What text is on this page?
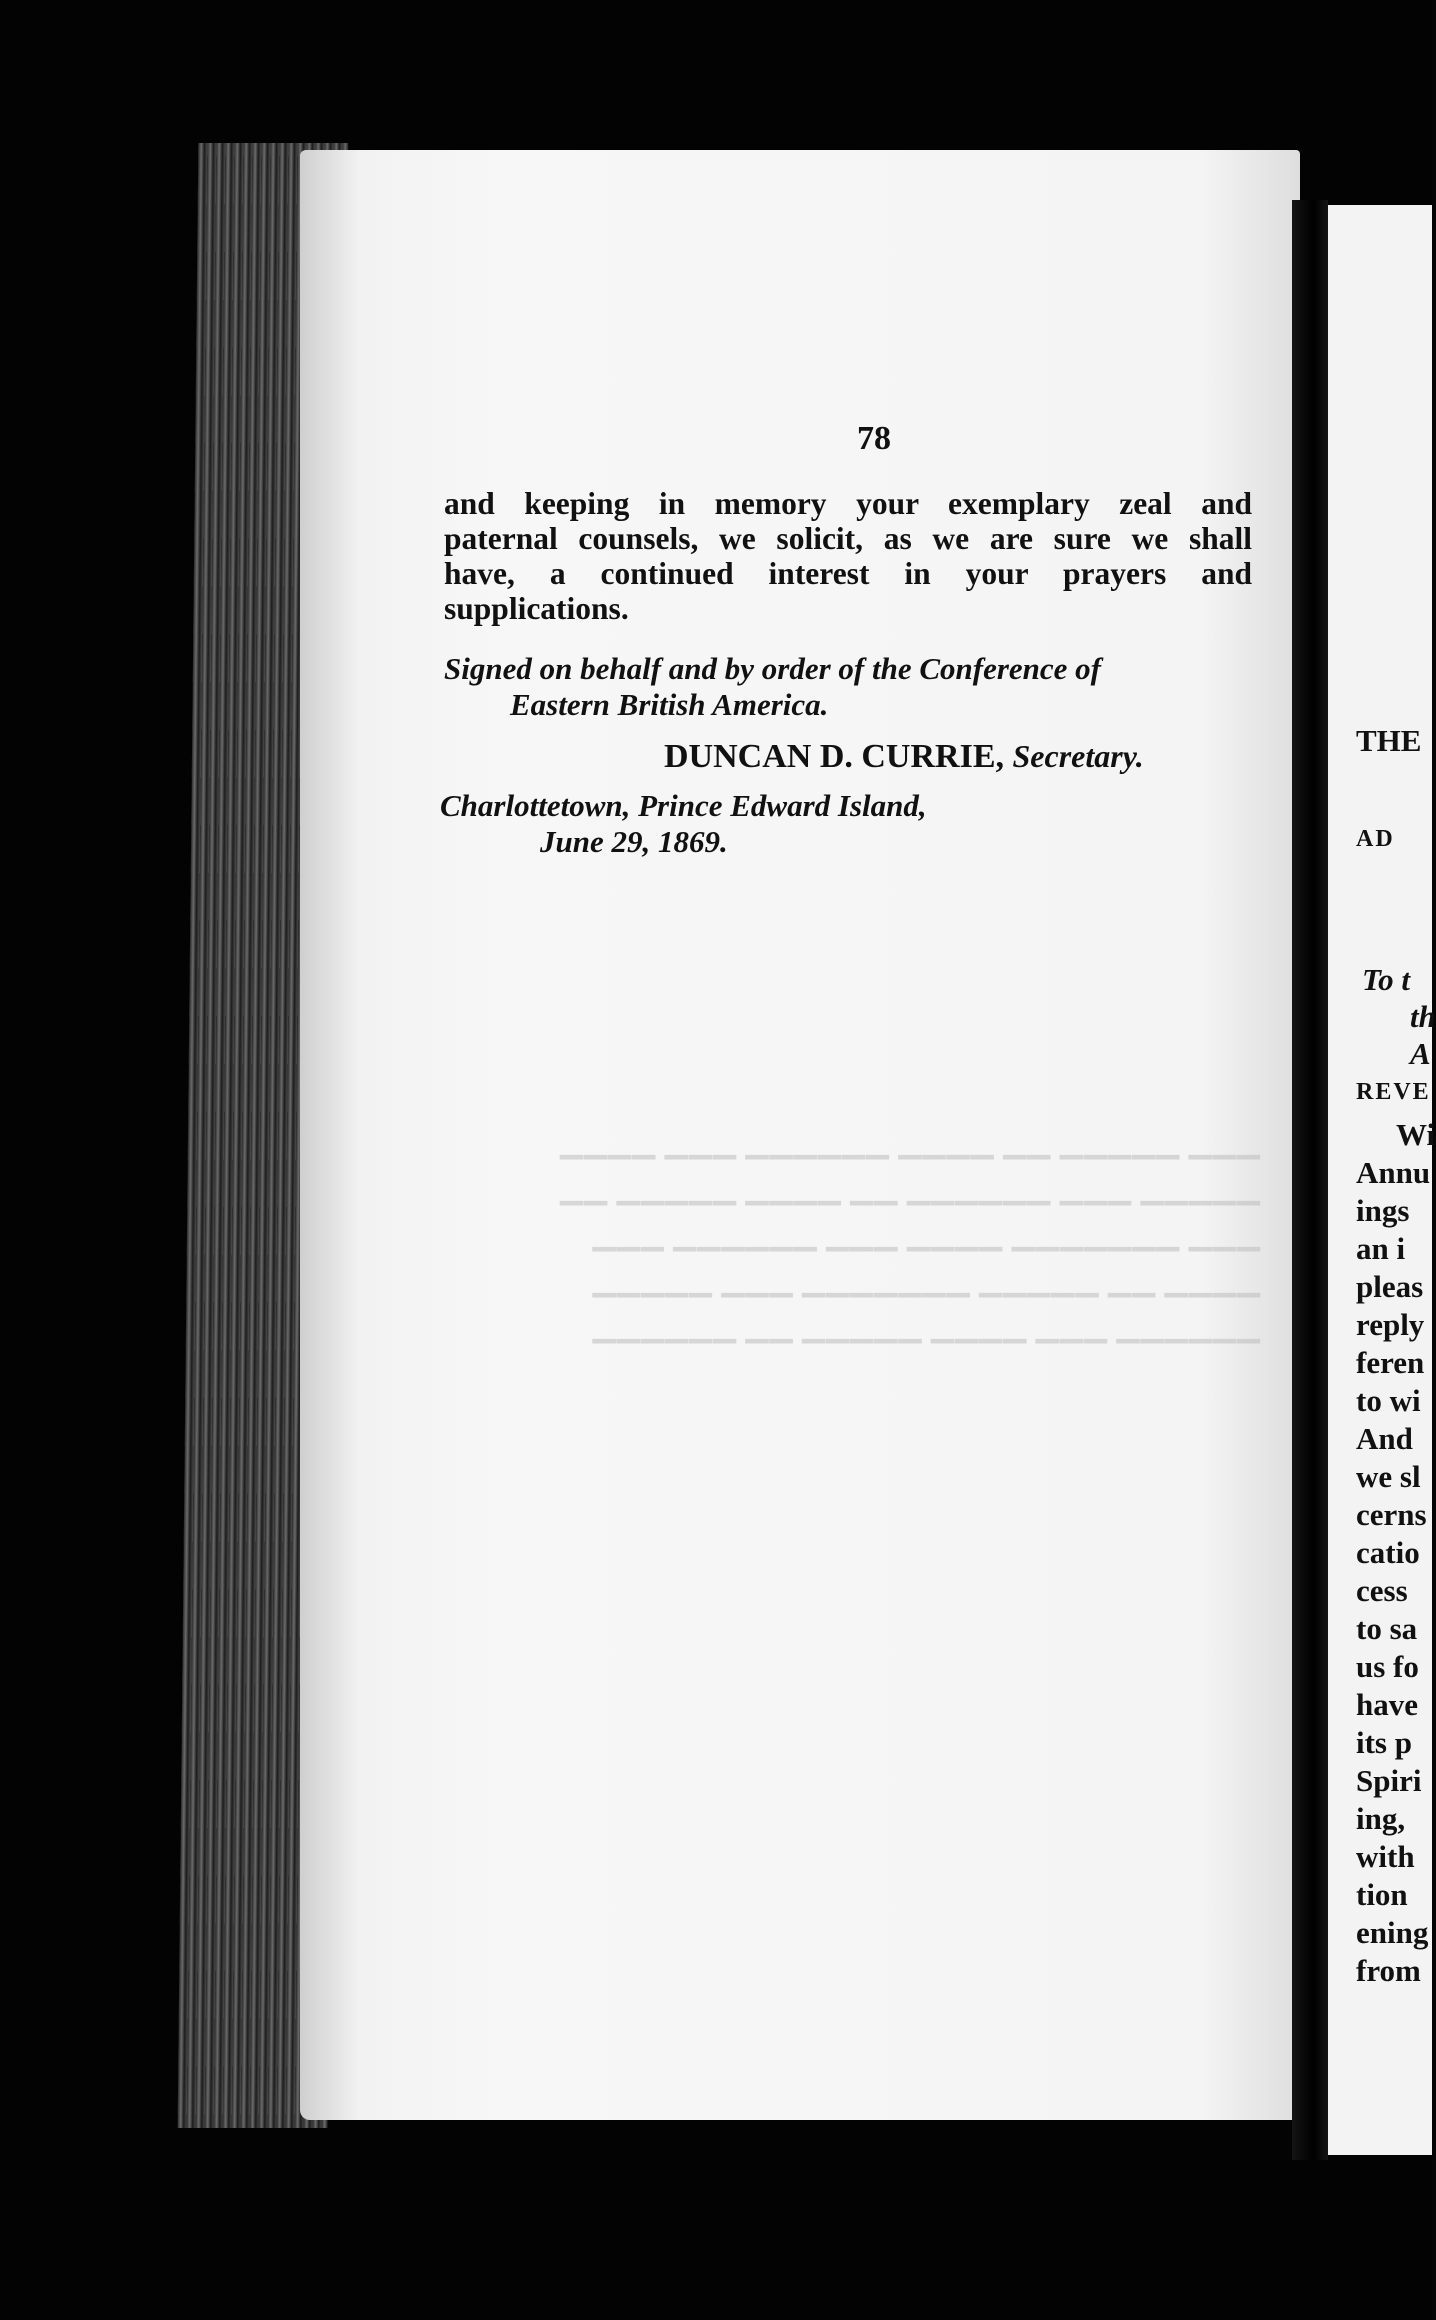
78
and keeping in memory your exemplary zeal and
paternal counsels, we solicit, as we are sure we shall
have, a continued interest in your prayers and
supplications.
Signed on behalf and by order of the Conference of
Eastern British America.
DUNCAN D. CURRIE, Secretary.
Charlottetown, Prince Edward Island,
June 29, 1869.
▁▁▁ ▁▁▁▁▁ ▁▁ ▁▁▁▁ ▁▁▁▁▁▁ ▁▁▁ ▁▁▁▁
▁▁▁▁▁ ▁▁▁ ▁▁▁▁▁▁ ▁▁ ▁▁▁▁ ▁▁▁▁▁ ▁▁
▁▁▁ ▁▁▁▁▁▁▁ ▁▁▁▁ ▁▁▁ ▁▁▁▁▁▁ ▁▁▁
▁▁▁▁ ▁▁ ▁▁▁▁▁ ▁▁▁▁▁▁▁ ▁▁▁ ▁▁▁▁▁
▁▁▁▁▁▁ ▁▁▁ ▁▁▁▁ ▁▁▁▁▁ ▁▁ ▁▁▁▁▁▁
THE
AD
To t
th
A
REVE
Wi
Annu
ings
an i
pleas
reply
feren
to wi
And
we sl
cerns
catio
cess
to sa
us fo
have
its p
Spiri
ing,
with
tion
ening
from
